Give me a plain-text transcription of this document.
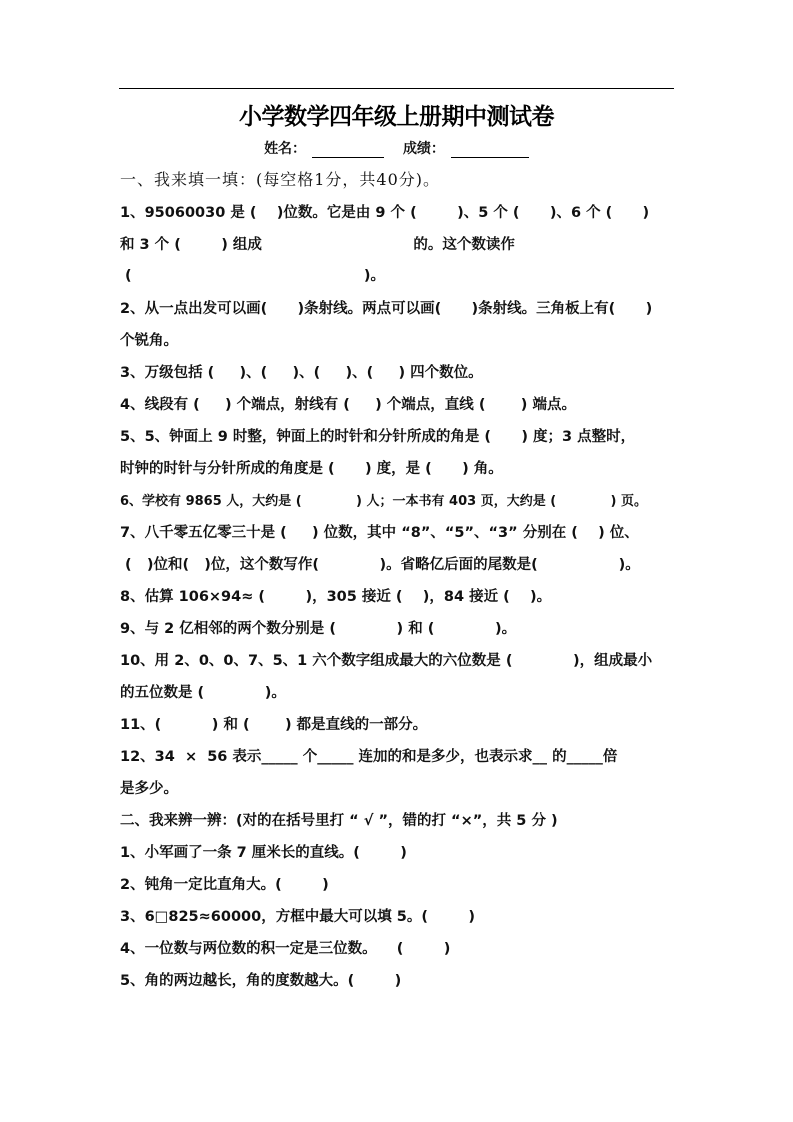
小学数学四年级上册期中测试卷
姓名：	成绩：
一、我来填一填：(每空格1分，共40分)。
1、95060030 是 (    )位数。它是由 9 个 (        )、5 个 (      )、6 个 (      )
和 3 个 (        ) 组成                              的。这个数读作
(                                              )。
2、从一点出发可以画(      )条射线。两点可以画(      )条射线。三角板上有(      )
个锐角。
3、万级包括 (     )、(     )、(     )、(     ) 四个数位。
4、线段有 (     ) 个端点，射线有 (     ) 个端点，直线 (       ) 端点。
5、5、钟面上 9 时整，钟面上的时针和分针所成的角是 (      ) 度；3 点整时，
时钟的时针与分针所成的角度是 (      ) 度，是 (      ) 角。
6、学校有 9865 人，大约是 (            ) 人；一本书有 403 页，大约是 (            ) 页。
7、八千零五亿零三十是 (     ) 位数，其中 “8”、“5”、“3” 分别在 (    ) 位、
(   )位和(   )位，这个数写作(            )。省略亿后面的尾数是(                )。
8、估算 106×94≈ (        )，305 接近 (    )，84 接近 (    )。
9、与 2 亿相邻的两个数分别是 (            ) 和 (            )。
10、用 2、0、0、7、5、1 六个数字组成最大的六位数是 (            )，组成最小
的五位数是 (            )。
11、(          ) 和 (       ) 都是直线的一部分。
12、34  ×  56 表示_____ 个_____ 连加的和是多少，也表示求__ 的_____倍
是多少。
二、我来辨一辨：(对的在括号里打 “ √ ”，错的打 “×”，共 5 分 )
1、小军画了一条 7 厘米长的直线。(        )
2、钝角一定比直角大。(        )
3、6□825≈60000，方框中最大可以填 5。(        )
4、一位数与两位数的积一定是三位数。    (        )
5、角的两边越长，角的度数越大。(        )
